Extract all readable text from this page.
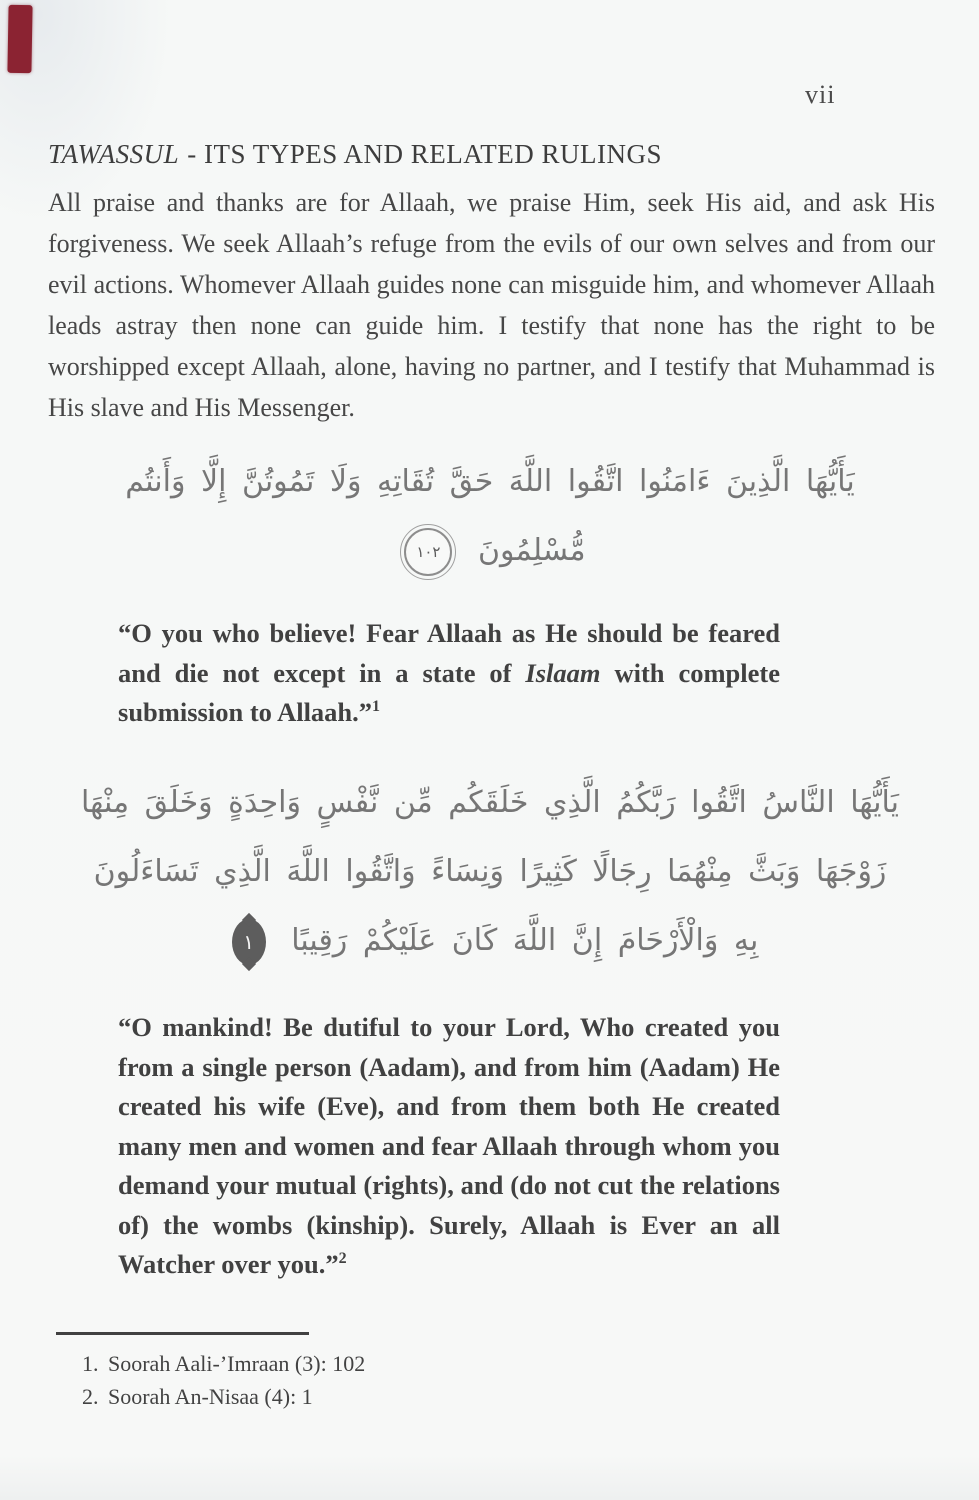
vii
TAWASSUL - ITS TYPES AND RELATED RULINGS
All praise and thanks are for Allaah, we praise Him, seek His aid, and ask His forgiveness. We seek Allaah’s refuge from the evils of our own selves and from our evil actions. Whomever Allaah guides none can misguide him, and whomever Allaah leads astray then none can guide him. I testify that none has the right to be worshipped except Allaah, alone, having no partner, and I testify that Muhammad is His slave and His Messenger.
يَأَيُّهَا الَّذِينَ ءَامَنُوا اتَّقُوا اللَّهَ حَقَّ تُقَاتِهِ وَلَا تَمُوتُنَّ إِلَّا وَأَنتُم
مُّسْلِمُونَ ١٠٢
“O you who believe! Fear Allaah as He should be feared and die not except in a state of Islaam with complete submission to Allaah.”$^1$
يَأَيُّهَا النَّاسُ اتَّقُوا رَبَّكُمُ الَّذِي خَلَقَكُم مِّن نَّفْسٍ وَاحِدَةٍ وَخَلَقَ مِنْهَا
زَوْجَهَا وَبَثَّ مِنْهُمَا رِجَالًا كَثِيرًا وَنِسَاءً وَاتَّقُوا اللَّهَ الَّذِي تَسَاءَلُونَ
بِهِ وَالْأَرْحَامَ إِنَّ اللَّهَ كَانَ عَلَيْكُمْ رَقِيبًا ١
“O mankind! Be dutiful to your Lord, Who created you from a single person (Aadam), and from him (Aadam) He created his wife (Eve), and from them both He created many men and women and fear Allaah through whom you demand your mutual (rights), and (do not cut the relations of) the wombs (kinship). Surely, Allaah is Ever an all Watcher over you.”$^2$
1. Soorah Aali-’Imraan (3): 102
2. Soorah An-Nisaa (4): 1
